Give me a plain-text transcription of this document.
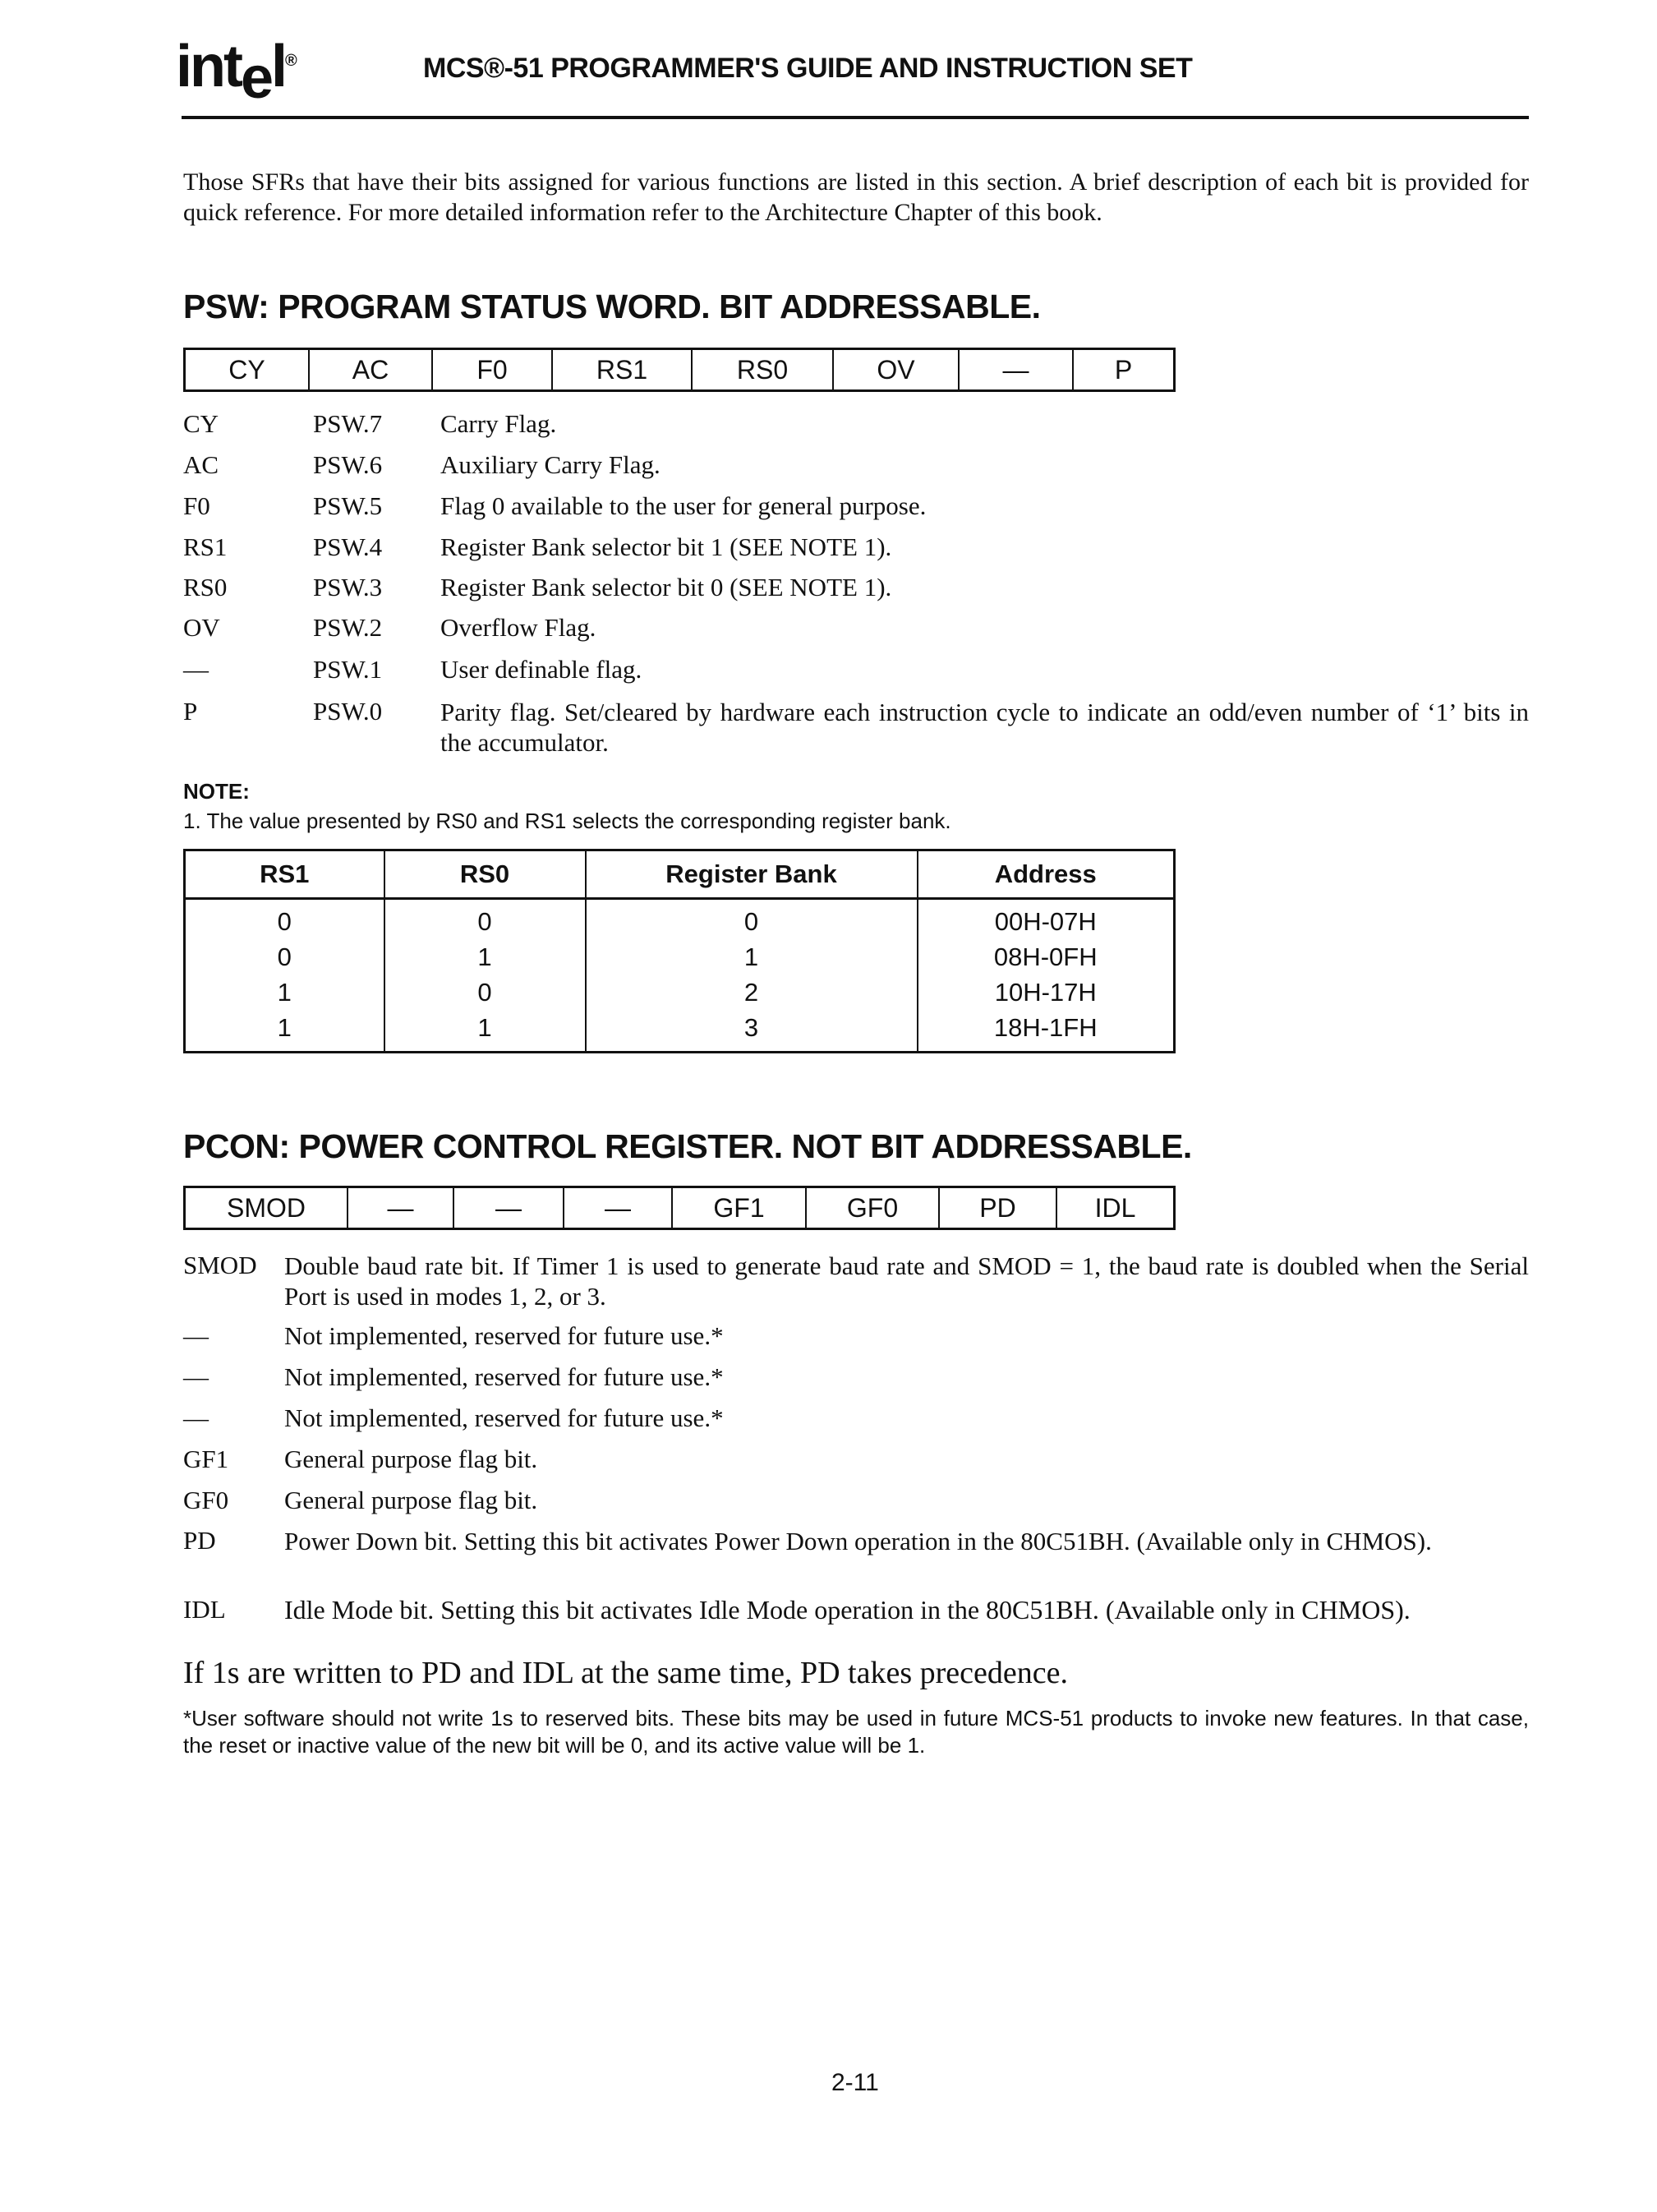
intel®	MCS®-51 PROGRAMMER'S GUIDE AND INSTRUCTION SET
Those SFRs that have their bits assigned for various functions are listed in this section. A brief description of each bit is provided for quick reference. For more detailed information refer to the Architecture Chapter of this book.
PSW: PROGRAM STATUS WORD. BIT ADDRESSABLE.
CY	AC	F0	RS1	RS0	OV	—	P
CY	PSW.7 Carry Flag.
AC	PSW.6 Auxiliary Carry Flag.
F0	PSW.5 Flag 0 available to the user for general purpose.
RS1	PSW.4 Register Bank selector bit 1 (SEE NOTE 1).
RS0	PSW.3 Register Bank selector bit 0 (SEE NOTE 1).
OV	PSW.2 Overflow Flag.
—	PSW.1 User definable flag.
P	PSW.0 Parity flag. Set/cleared by hardware each instruction cycle to indicate an odd/even number of ‘1’ bits in the accumulator.
NOTE:
1. The value presented by RS0 and RS1 selects the corresponding register bank.
RS1	RS0	Register Bank	Address
0	0	0	00H-07H
0	1	1	08H-0FH
1	0	2	10H-17H
1	1	3	18H-1FH
PCON: POWER CONTROL REGISTER. NOT BIT ADDRESSABLE.
SMOD	—	—	—	GF1	GF0	PD	IDL
SMOD Double baud rate bit. If Timer 1 is used to generate baud rate and SMOD = 1, the baud rate is doubled when the Serial Port is used in modes 1, 2, or 3.
—	Not implemented, reserved for future use.*
—	Not implemented, reserved for future use.*
—	Not implemented, reserved for future use.*
GF1 General purpose flag bit.
GF0 General purpose flag bit.
PD	Power Down bit. Setting this bit activates Power Down operation in the 80C51BH. (Available only in CHMOS).
IDL Idle Mode bit. Setting this bit activates Idle Mode operation in the 80C51BH. (Available only in CHMOS).
If 1s are written to PD and IDL at the same time, PD takes precedence.
*User software should not write 1s to reserved bits. These bits may be used in future MCS-51 products to invoke new features. In that case, the reset or inactive value of the new bit will be 0, and its active value will be 1.
2-11
